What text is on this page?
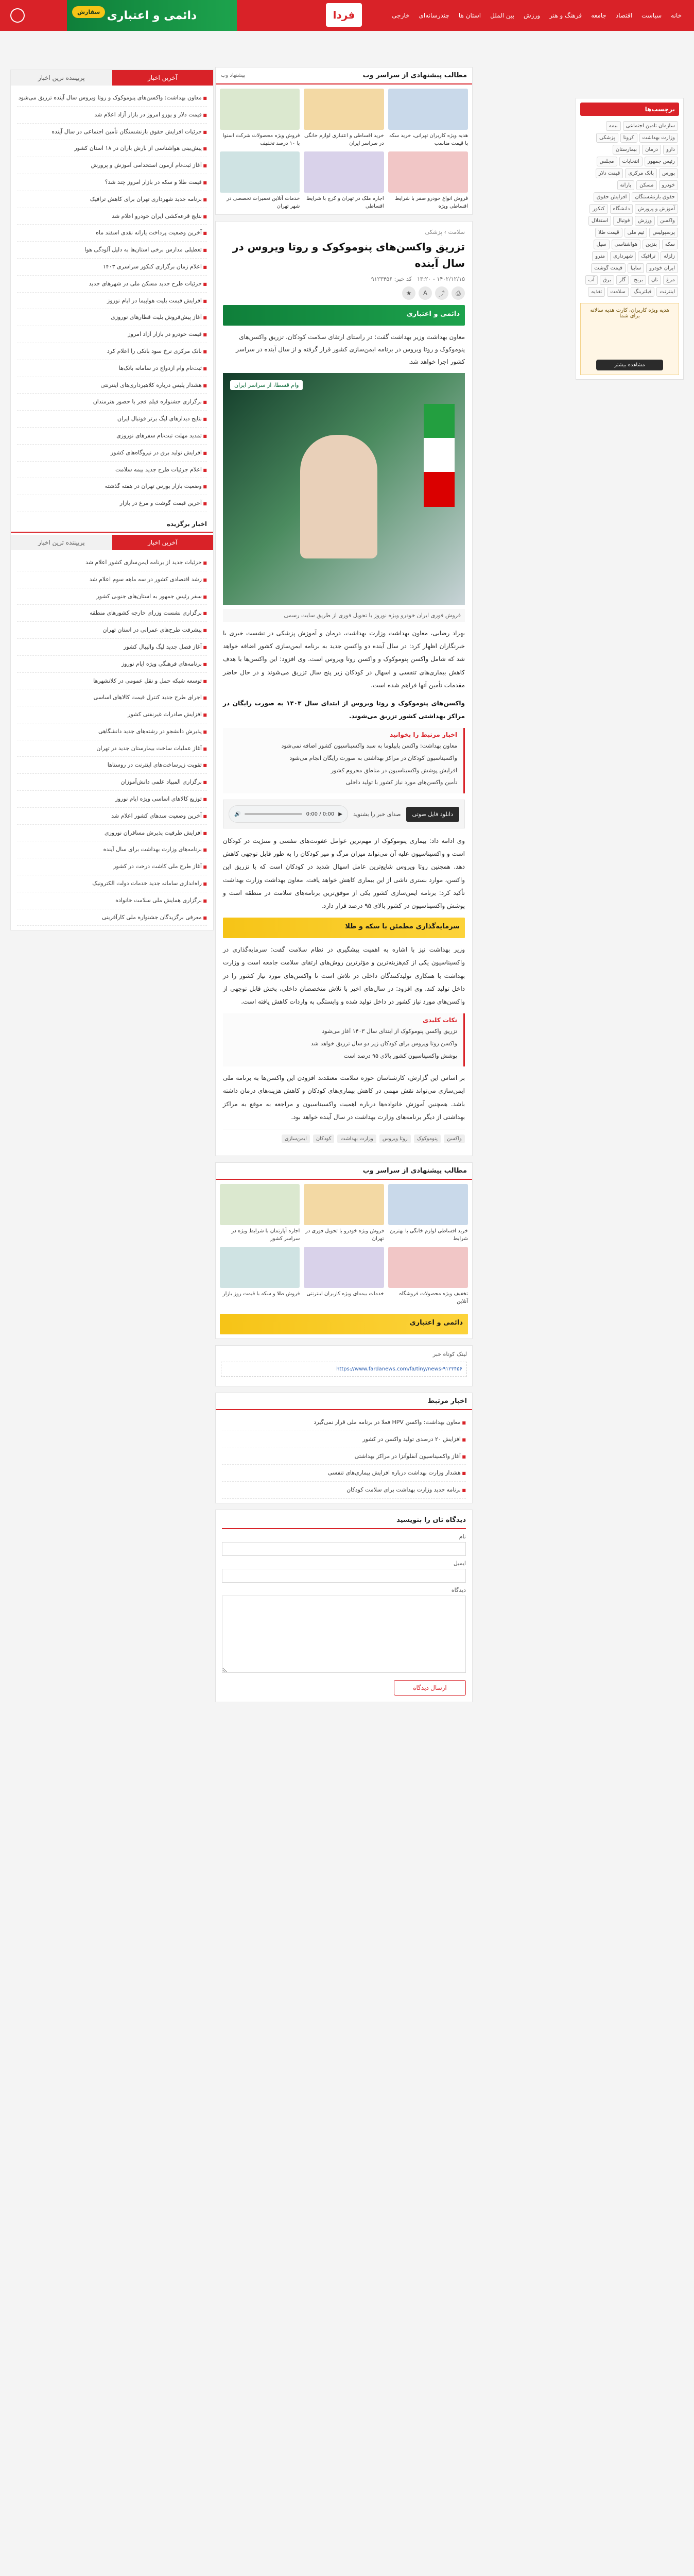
خانه
سیاست
اقتصاد
جامعه
فرهنگ و هنر
ورزش
بین الملل
استان ها
چندرسانه‌ای
خارجی
فردا
دائمی و اعتباری
سفارش
برچسب‌ها
سازمان تامین اجتماعیبیمهوزارت بهداشتکروناپزشکیدارودرمانبیمارستانرئیس جمهورانتخاباتمجلسبورسبانک مرکزیقیمت دلارخودرومسکنیارانهحقوق بازنشستگانافزایش حقوقآموزش و پرورشدانشگاهکنکورواکسنورزشفوتبالاستقلالپرسپولیستیم ملیقیمت طلاسکهبنزینهواشناسیسیلزلزلهترافیکشهرداریمتروایران خودروسایپاقیمت گوشتمرغنانبرنجگازبرقآباینترنتفیلترینگسلامتتغذیه
هدیه ویژه کاربران، کارت هدیه سالانه برای شما
مشاهده بیشتر
مطالب پیشنهادی از سراسر وب
پیشنهاد وب
هدیه ویژه کاربران تهرانی، خرید سکه با قیمت مناسب
خرید اقساطی و اعتباری لوازم خانگی در سراسر ایران
فروش ویژه محصولات شرکت اسنوا با ۱۰ درصد تخفیف
فروش انواع خودرو صفر با شرایط اقساطی ویژه
اجاره ملک در تهران و کرج با شرایط اقساطی
خدمات آنلاین تعمیرات تخصصی در شهر تهران
سلامت › پزشکی
تزریق واکسن‌های پنوموکوک و روتا ویروس در سال آینده
۱۴۰۲/۱۲/۱۵ - ۱۳:۲۰
کد خبر: ۹۱۲۳۴۵۶
⎙
⤴
A
★
دائمی و اعتباری

معاون بهداشت وزیر بهداشت گفت: در راستای ارتقای سلامت کودکان، تزریق واکسن‌های پنوموکوک و روتا ویروس در برنامه ایمن‌سازی کشور قرار گرفته و از سال آینده در سراسر کشور اجرا خواهد شد.

وام قسطا، از سراسر ایران
فروش فوری ایران خودرو ویژه نوروز با تحویل فوری از طریق سایت رسمی

بهزاد رضایی، معاون بهداشت وزارت بهداشت، درمان و آموزش پزشکی در نشست خبری با خبرنگاران اظهار کرد: در سال آینده دو واکسن جدید به برنامه ایمن‌سازی کشور اضافه خواهد شد که شامل واکسن پنوموکوک و واکسن روتا ویروس است. وی افزود: این واکسن‌ها با هدف کاهش بیماری‌های تنفسی و اسهال در کودکان زیر پنج سال تزریق می‌شوند و در حال حاضر مقدمات تأمین آنها فراهم شده است.

واکسن‌های پنوموکوک و روتا ویروس از ابتدای سال ۱۴۰۳ به صورت رایگان در مراکز بهداشتی کشور تزریق می‌شوند.

اخبار مرتبط را بخوانید
معاون بهداشت: واکسن پاپیلوما به سبد واکسیناسیون کشور اضافه نمی‌شود
واکسیناسیون کودکان در مراکز بهداشتی به صورت رایگان انجام می‌شود
افزایش پوشش واکسیناسیون در مناطق محروم کشور
تأمین واکسن‌های مورد نیاز کشور با تولید داخلی
دانلود فایل صوتی
صدای خبر را بشنوید
▶
0:00 / 0:00
🔊

وی ادامه داد: بیماری پنوموکوک از مهم‌ترین عوامل عفونت‌های تنفسی و مننژیت در کودکان است و واکسیناسیون علیه آن می‌تواند میزان مرگ و میر کودکان را به طور قابل توجهی کاهش دهد. همچنین روتا ویروس شایع‌ترین عامل اسهال شدید در کودکان است که با تزریق این واکسن، موارد بستری ناشی از این بیماری کاهش خواهد یافت. معاون بهداشت وزارت بهداشت تأکید کرد: برنامه ایمن‌سازی کشور یکی از موفق‌ترین برنامه‌های سلامت در منطقه است و پوشش واکسیناسیون در کشور بالای ۹۵ درصد قرار دارد.

سرمایه‌گذاری مطمئن با سکه و طلا

وزیر بهداشت نیز با اشاره به اهمیت پیشگیری در نظام سلامت گفت: سرمایه‌گذاری در واکسیناسیون یکی از کم‌هزینه‌ترین و مؤثرترین روش‌های ارتقای سلامت جامعه است و وزارت بهداشت با همکاری تولیدکنندگان داخلی در تلاش است تا واکسن‌های مورد نیاز کشور را در داخل تولید کند. وی افزود: در سال‌های اخیر با تلاش متخصصان داخلی، بخش قابل توجهی از واکسن‌های مورد نیاز کشور در داخل تولید شده و وابستگی به واردات کاهش یافته است.

نکات کلیدی
تزریق واکسن پنوموکوک از ابتدای سال ۱۴۰۳ آغاز می‌شود
واکسن روتا ویروس برای کودکان زیر دو سال تزریق خواهد شد
پوشش واکسیناسیون کشور بالای ۹۵ درصد است

بر اساس این گزارش، کارشناسان حوزه سلامت معتقدند افزودن این واکسن‌ها به برنامه ملی ایمن‌سازی می‌تواند نقش مهمی در کاهش بیماری‌های کودکان و کاهش هزینه‌های درمان داشته باشد. همچنین آموزش خانواده‌ها درباره اهمیت واکسیناسیون و مراجعه به موقع به مراکز بهداشتی از دیگر برنامه‌های وزارت بهداشت در سال آینده خواهد بود.

واکسن
پنوموکوک
روتا ویروس
وزارت بهداشت
کودکان
ایمن‌سازی
مطالب پیشنهادی از سراسر وب
خرید اقساطی لوازم خانگی با بهترین شرایط
فروش ویژه خودرو با تحویل فوری در تهران
اجاره آپارتمان با شرایط ویژه در سراسر کشور
تخفیف ویژه محصولات فروشگاه آنلاین
خدمات بیمه‌ای ویژه کاربران اینترنتی
فروش طلا و سکه با قیمت روز بازار
دائمی و اعتباری
لینک کوتاه خبر
https://www.fardanews.com/fa/tiny/news-۹۱۲۳۴۵۶
اخبار مرتبط
■ معاون بهداشت: واکسن HPV فعلا در برنامه ملی قرار نمی‌گیرد
■ افزایش ۲۰ درصدی تولید واکسن در کشور
■ آغاز واکسیناسیون آنفلوآنزا در مراکز بهداشتی
■ هشدار وزارت بهداشت درباره افزایش بیماری‌های تنفسی
■ برنامه جدید وزارت بهداشت برای سلامت کودکان
دیدگاه تان را بنویسید
نام
ایمیل
دیدگاه
ارسال دیدگاه
آخرین اخبار
پربیننده ترین اخبار
■ معاون بهداشت: واکسن‌های پنوموکوک و روتا ویروس سال آینده تزریق می‌شود
■ قیمت دلار و یورو امروز در بازار آزاد اعلام شد
■ جزئیات افزایش حقوق بازنشستگان تأمین اجتماعی در سال آینده
■ پیش‌بینی هواشناسی از بارش باران در ۱۸ استان کشور
■ آغاز ثبت‌نام آزمون استخدامی آموزش و پرورش
■ قیمت طلا و سکه در بازار امروز چند شد؟
■ برنامه جدید شهرداری تهران برای کاهش ترافیک
■ نتایج قرعه‌کشی ایران خودرو اعلام شد
■ آخرین وضعیت پرداخت یارانه نقدی اسفند ماه
■ تعطیلی مدارس برخی استان‌ها به دلیل آلودگی هوا
■ اعلام زمان برگزاری کنکور سراسری ۱۴۰۳
■ جزئیات طرح جدید مسکن ملی در شهرهای جدید
■ افزایش قیمت بلیت هواپیما در ایام نوروز
■ آغاز پیش‌فروش بلیت قطارهای نوروزی
■ قیمت خودرو در بازار آزاد امروز
■ بانک مرکزی نرخ سود بانکی را اعلام کرد
■ ثبت‌نام وام ازدواج در سامانه بانک‌ها
■ هشدار پلیس درباره کلاهبرداری‌های اینترنتی
■ برگزاری جشنواره فیلم فجر با حضور هنرمندان
■ نتایج دیدارهای لیگ برتر فوتبال ایران
■ تمدید مهلت ثبت‌نام سفرهای نوروزی
■ افزایش تولید برق در نیروگاه‌های کشور
■ اعلام جزئیات طرح جدید بیمه سلامت
■ وضعیت بازار بورس تهران در هفته گذشته
■ آخرین قیمت گوشت و مرغ در بازار
اخبار برگزیده
آخرین اخبار
پربیننده ترین اخبار
■ جزئیات جدید از برنامه ایمن‌سازی کشور اعلام شد
■ رشد اقتصادی کشور در سه ماهه سوم اعلام شد
■ سفر رئیس جمهور به استان‌های جنوبی کشور
■ برگزاری نشست وزرای خارجه کشورهای منطقه
■ پیشرفت طرح‌های عمرانی در استان تهران
■ آغاز فصل جدید لیگ والیبال کشور
■ برنامه‌های فرهنگی ویژه ایام نوروز
■ توسعه شبکه حمل و نقل عمومی در کلانشهرها
■ اجرای طرح جدید کنترل قیمت کالاهای اساسی
■ افزایش صادرات غیرنفتی کشور
■ پذیرش دانشجو در رشته‌های جدید دانشگاهی
■ آغاز عملیات ساخت بیمارستان جدید در تهران
■ تقویت زیرساخت‌های اینترنت در روستاها
■ برگزاری المپیاد علمی دانش‌آموزان
■ توزیع کالاهای اساسی ویژه ایام نوروز
■ آخرین وضعیت سدهای کشور اعلام شد
■ افزایش ظرفیت پذیرش مسافران نوروزی
■ برنامه‌های وزارت بهداشت برای سال آینده
■ آغاز طرح ملی کاشت درخت در کشور
■ راه‌اندازی سامانه جدید خدمات دولت الکترونیک
■ برگزاری همایش ملی سلامت خانواده
■ معرفی برگزیدگان جشنواره ملی کارآفرینی
